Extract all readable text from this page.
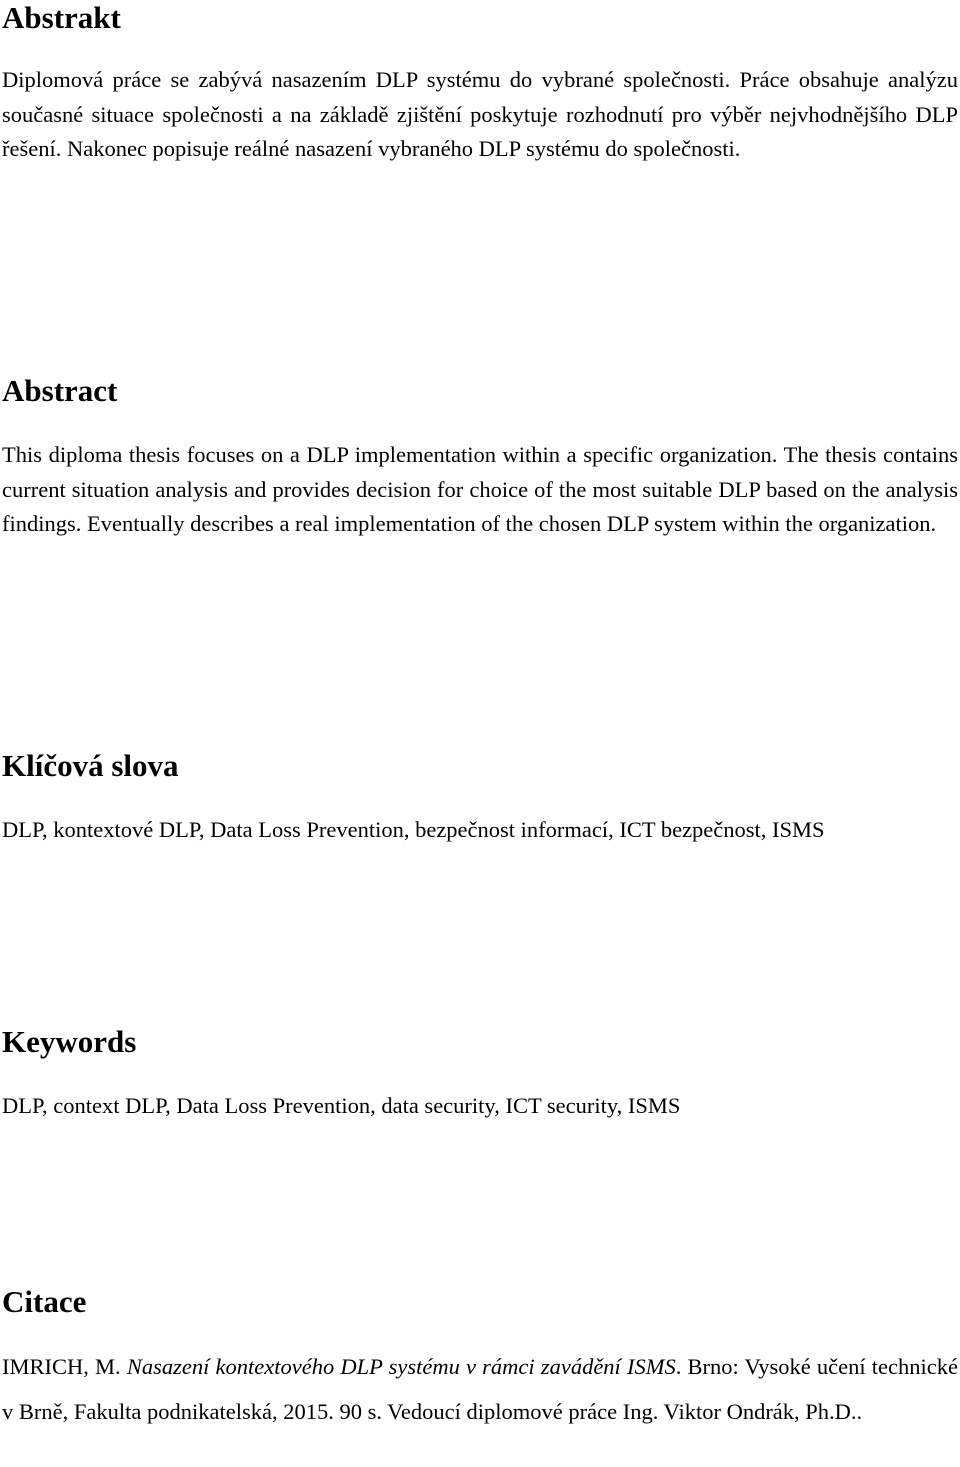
Abstrakt

Diplomová práce se zabývá nasazením DLP systému do vybrané společnosti. Práce obsahuje analýzu současné situace společnosti a na základě zjištění poskytuje rozhodnutí pro výběr nejvhodnějšího DLP řešení. Nakonec popisuje reálné nasazení vybraného DLP systému do společnosti.

Abstract

This diploma thesis focuses on a DLP implementation within a specific organization. The thesis contains current situation analysis and provides decision for choice of the most suitable DLP based on the analysis findings. Eventually describes a real implementation of the chosen DLP system within the organization.

Klíčová slova

DLP, kontextové DLP, Data Loss Prevention, bezpečnost informací, ICT bezpečnost, ISMS

Keywords

DLP, context DLP, Data Loss Prevention, data security, ICT security, ISMS

Citace

IMRICH, M. Nasazení kontextového DLP systému v rámci zavádění ISMS. Brno: Vysoké učení technické v Brně, Fakulta podnikatelská, 2015. 90 s. Vedoucí diplomové práce Ing. Viktor Ondrák, Ph.D..
